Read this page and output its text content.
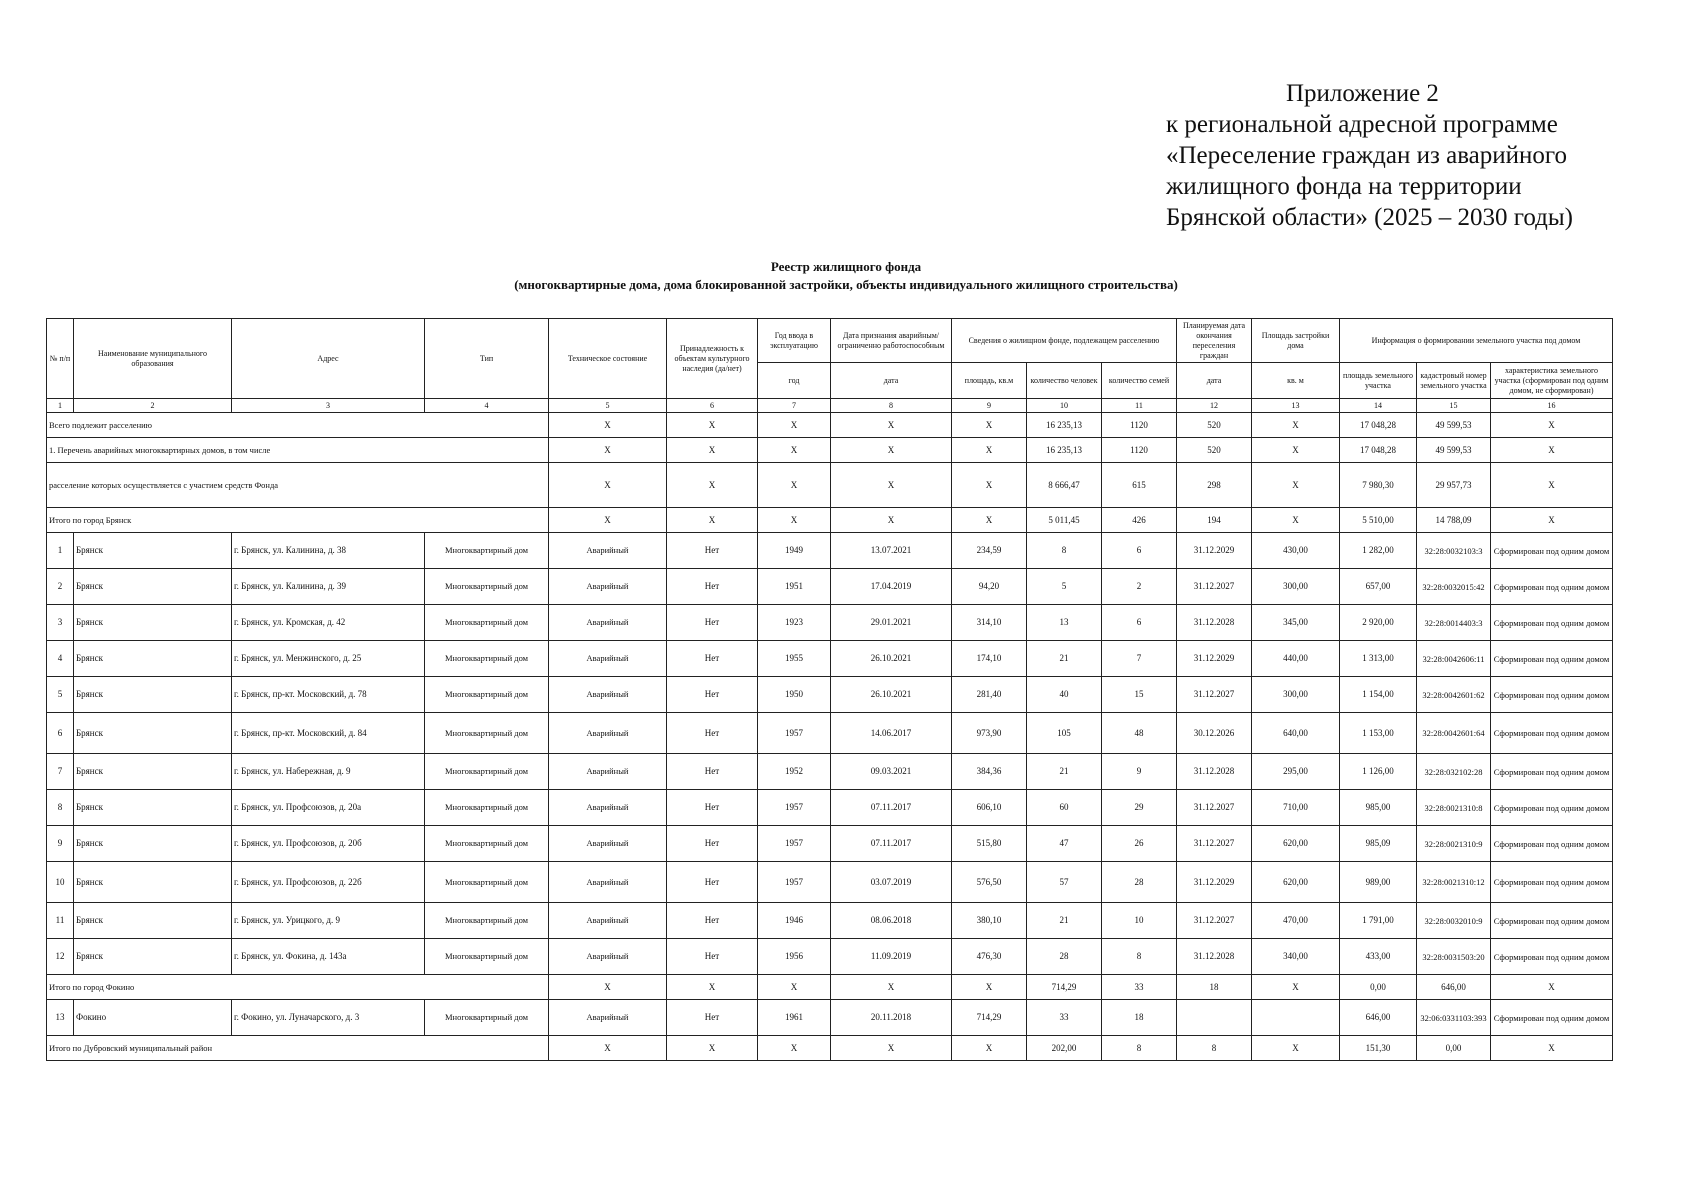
Приложение 2
к региональной адресной программе
«Переселение граждан из аварийного
жилищного фонда на территории
Брянской области» (2025 – 2030 годы)
Реестр жилищного фонда
(многоквартирные дома, дома блокированной застройки, объекты индивидуального жилищного строительства)
№ п/п	Наименование муниципального образования	Адрес	Тип	Техническое состояние	Принадлежность к объектам культурного наследия (да/нет)	Год ввода в эксплуатацию	Дата признания аварийным/ограниченно работоспособным	Сведения о жилищном фонде, подлежащем расселению			Планируемая дата окончания переселения граждан	Площадь застройки дома	Информация о формировании земельного участка под домом			
						год	дата	площадь, кв.м	количество человек	количество семей	дата	кв. м	площадь земельного участка	кадастровый номер земельного участка	характеристика земельного участка (сформирован под одним домом, не сформирован)	
1	2	3	4	5	6	7	8	9	10	11	12	13	14	15	16	
Всего подлежит расселению				X	X	X	X	X	16 235,13	1120	520	X	17 048,28	49 599,53	X	
1. Перечень аварийных многоквартирных домов, в том числе				X	X	X	X	X	16 235,13	1120	520	X	17 048,28	49 599,53	X	
расселение которых осуществляется с участием средств Фонда				X	X	X	X	X	8 666,47	615	298	X	7 980,30	29 957,73	X	
Итого по город Брянск				X	X	X	X	X	5 011,45	426	194	X	5 510,00	14 788,09	X	
1	Брянск	г. Брянск, ул. Калинина, д. 38	Многоквартирный дом	Аварийный	Нет	1949	13.07.2021	234,59	8	6	31.12.2029	430,00	1 282,00	32:28:0032103:3	Сформирован под одним домом	
2	Брянск	г. Брянск, ул. Калинина, д. 39	Многоквартирный дом	Аварийный	Нет	1951	17.04.2019	94,20	5	2	31.12.2027	300,00	657,00	32:28:0032015:42	Сформирован под одним домом	
3	Брянск	г. Брянск, ул. Кромская, д. 42	Многоквартирный дом	Аварийный	Нет	1923	29.01.2021	314,10	13	6	31.12.2028	345,00	2 920,00	32:28:0014403:3	Сформирован под одним домом	
4	Брянск	г. Брянск, ул. Менжинского, д. 25	Многоквартирный дом	Аварийный	Нет	1955	26.10.2021	174,10	21	7	31.12.2029	440,00	1 313,00	32:28:0042606:11	Сформирован под одним домом	
5	Брянск	г. Брянск, пр-кт. Московский, д. 78	Многоквартирный дом	Аварийный	Нет	1950	26.10.2021	281,40	40	15	31.12.2027	300,00	1 154,00	32:28:0042601:62	Сформирован под одним домом	
6	Брянск	г. Брянск, пр-кт. Московский, д. 84	Многоквартирный дом	Аварийный	Нет	1957	14.06.2017	973,90	105	48	30.12.2026	640,00	1 153,00	32:28:0042601:64	Сформирован под одним домом	
7	Брянск	г. Брянск, ул. Набережная, д. 9	Многоквартирный дом	Аварийный	Нет	1952	09.03.2021	384,36	21	9	31.12.2028	295,00	1 126,00	32:28:032102:28	Сформирован под одним домом	
8	Брянск	г. Брянск, ул. Профсоюзов, д. 20а	Многоквартирный дом	Аварийный	Нет	1957	07.11.2017	606,10	60	29	31.12.2027	710,00	985,00	32:28:0021310:8	Сформирован под одним домом	
9	Брянск	г. Брянск, ул. Профсоюзов, д. 20б	Многоквартирный дом	Аварийный	Нет	1957	07.11.2017	515,80	47	26	31.12.2027	620,00	985,09	32:28:0021310:9	Сформирован под одним домом	
10	Брянск	г. Брянск, ул. Профсоюзов, д. 22б	Многоквартирный дом	Аварийный	Нет	1957	03.07.2019	576,50	57	28	31.12.2029	620,00	989,00	32:28:0021310:12	Сформирован под одним домом	
11	Брянск	г. Брянск, ул. Урицкого, д. 9	Многоквартирный дом	Аварийный	Нет	1946	08.06.2018	380,10	21	10	31.12.2027	470,00	1 791,00	32:28:0032010:9	Сформирован под одним домом	
12	Брянск	г. Брянск, ул. Фокина, д. 143а	Многоквартирный дом	Аварийный	Нет	1956	11.09.2019	476,30	28	8	31.12.2028	340,00	433,00	32:28:0031503:20	Сформирован под одним домом	
Итого по город Фокино				X	X	X	X	X	714,29	33	18	X	0,00	646,00	X	
13	Фокино	г. Фокино, ул. Луначарского, д. 3	Многоквартирный дом	Аварийный	Нет	1961	20.11.2018	714,29	33	18			646,00	32:06:0331103:393	Сформирован под одним домом	
Итого по Дубровский муниципальный район				X	X	X	X	X	202,00	8	8	X	151,30	0,00	X	
